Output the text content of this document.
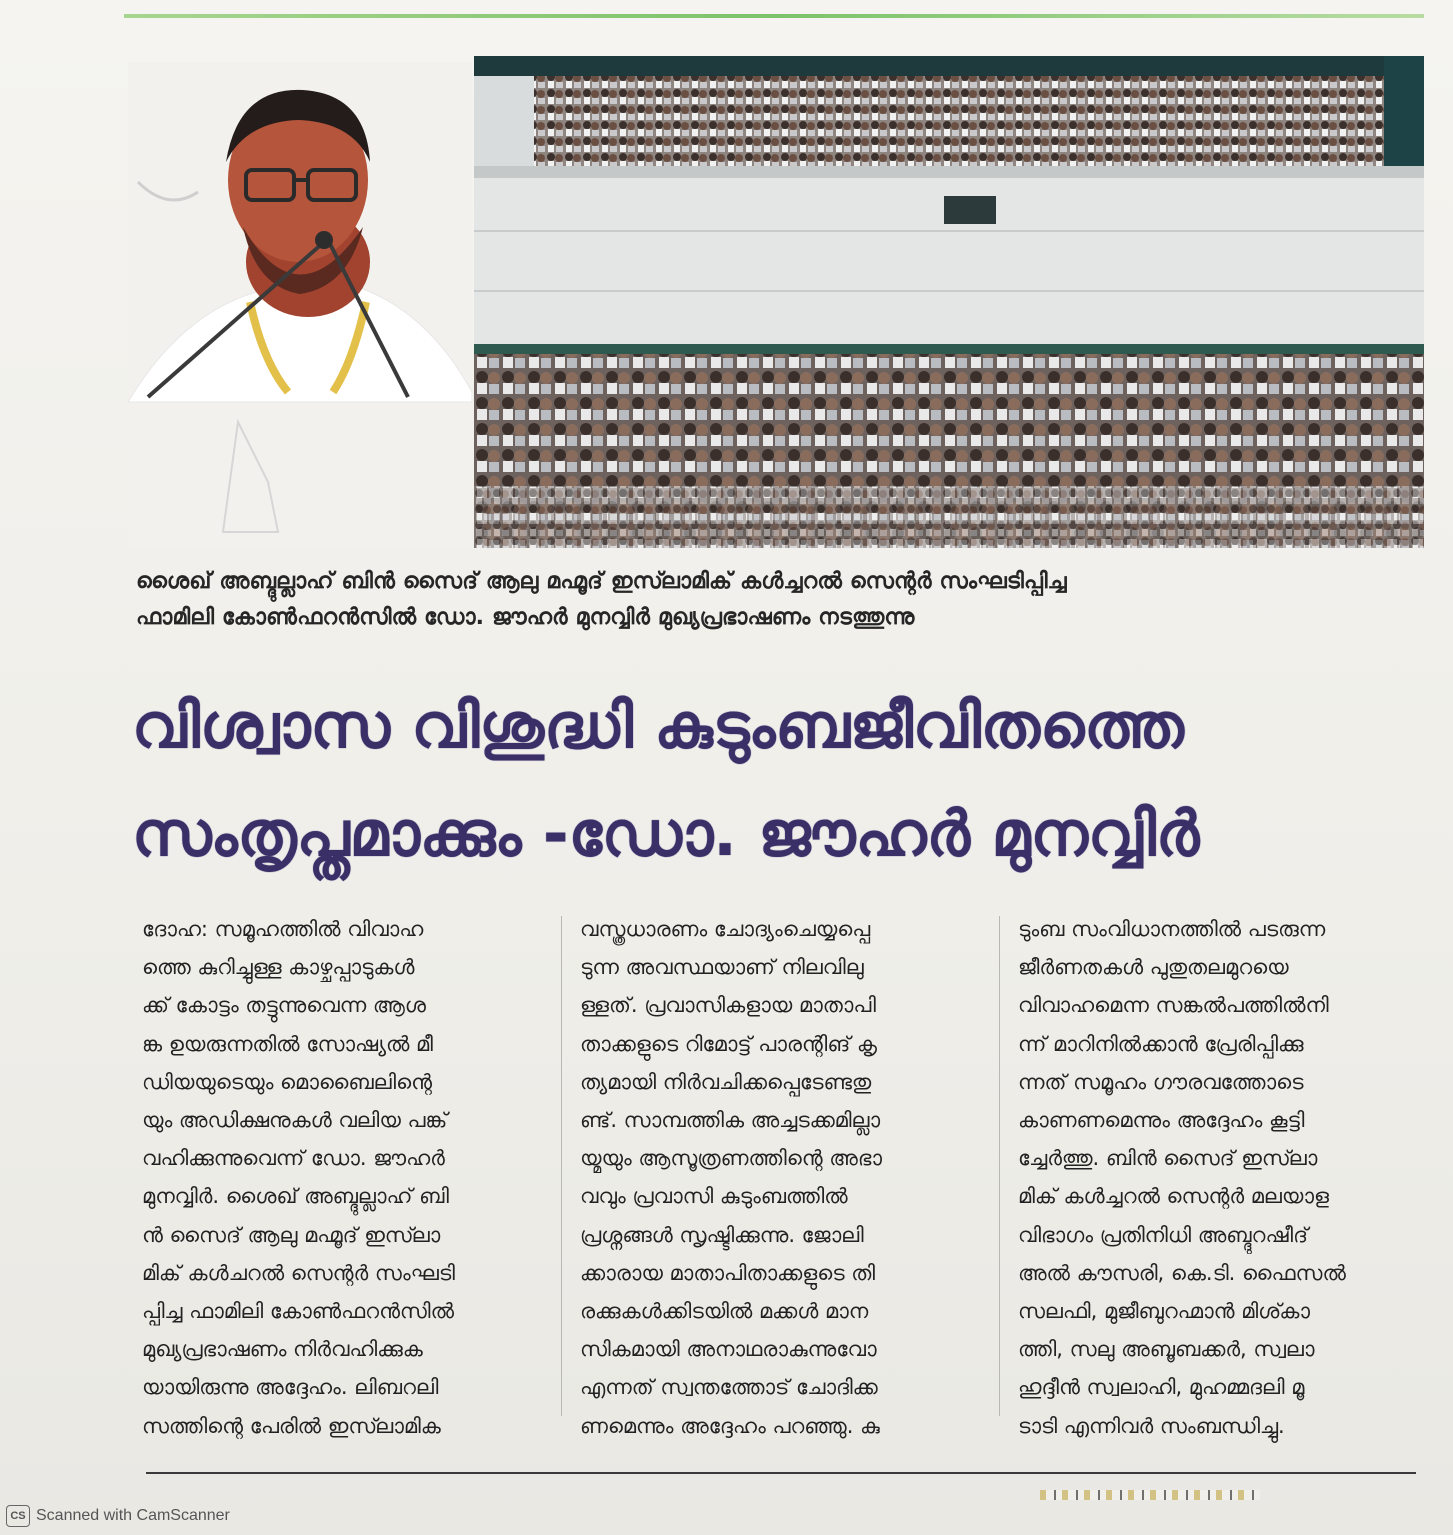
ശൈഖ് അബ്ദുല്ലാഹ് ബിൻ സൈദ് ആലു മഹ്മൂദ് ഇസ്‍ലാമിക് കൾച്ചറൽ സെന്റർ സംഘടിപ്പിച്ച
ഫാമിലി കോൺഫറൻസിൽ ഡോ. ജൗഹർ മുനവ്വിർ മുഖ്യപ്രഭാഷണം നടത്തുന്നു
വിശ്വാസ വിശുദ്ധി കുടുംബജീവിതത്തെ
സംതൃപ്തമാക്കും -ഡോ. ജൗഹർ മുനവ്വിർ
ദോഹ: സമൂഹത്തിൽ വിവാഹ
ത്തെ കുറിച്ചുള്ള കാഴ്ചപ്പാടുകൾ
ക്ക് കോട്ടം തട്ടുന്നുവെന്ന ആശ
ങ്ക ഉയരുന്നതിൽ സോഷ്യൽ മീ
ഡിയയുടെയും മൊബൈലിന്റെ
യും അഡിക്ഷനുകൾ വലിയ പങ്ക്
വഹിക്കുന്നുവെന്ന് ഡോ. ജൗഹർ
മുനവ്വിർ. ശൈഖ് അബ്ദുല്ലാഹ് ബി
ൻ സൈദ് ആലു മഹ്മൂദ് ഇസ്‍ലാ
മിക് കൾചറൽ സെന്റർ സംഘടി
പ്പിച്ച ഫാമിലി കോൺഫറൻസിൽ
മുഖ്യപ്രഭാഷണം നിർവഹിക്കുക
യായിരുന്നു അദ്ദേഹം. ലിബറലി
സത്തിന്റെ പേരിൽ ഇസ്‍ലാമിക
വസ്ത്രധാരണം ചോദ്യംചെയ്യപ്പെ
ടുന്ന അവസ്ഥയാണ് നിലവിലു
ള്ളത്. പ്രവാസികളായ മാതാപി
താക്കളുടെ റിമോട്ട് പാരന്റിങ് കൃ
ത്യമായി നിർവചിക്കപ്പെടേണ്ടതു
ണ്ട്. സാമ്പത്തിക അച്ചടക്കമില്ലാ
യ്മയും ആസൂത്രണത്തിന്റെ അഭാ
വവും പ്രവാസി കുടുംബത്തിൽ
പ്രശ്നങ്ങൾ സൃഷ്ടിക്കുന്നു. ജോലി
ക്കാരായ മാതാപിതാക്കളുടെ തി
രക്കുകൾക്കിടയിൽ മക്കൾ മാന
സികമായി അനാഥരാകുന്നുവോ
എന്നത് സ്വന്തത്തോട് ചോദിക്ക
ണമെന്നും അദ്ദേഹം പറഞ്ഞു. കു
ടുംബ സംവിധാനത്തിൽ പടരുന്ന
ജീർണതകൾ പുതുതലമുറയെ
വിവാഹമെന്ന സങ്കൽപത്തിൽനി
ന്ന് മാറിനിൽക്കാൻ പ്രേരിപ്പിക്കു
ന്നത് സമൂഹം ഗൗരവത്തോടെ
കാണണമെന്നും അദ്ദേഹം കൂട്ടി
ച്ചേർത്തു. ബിൻ സൈദ് ഇസ്‍ലാ
മിക് കൾച്ചറൽ സെന്റർ മലയാള
വിഭാഗം പ്രതിനിധി അബ്ദുറഷീദ്
അൽ കൗസരി, കെ.ടി. ഫൈസൽ
സലഫി, മുജീബുറഹ്മാൻ മിശ്കാ
ത്തി, സലു അബൂബക്കർ, സ്വലാ
ഹുദ്ദീൻ സ്വലാഹി, മുഹമ്മദലി മൂ
ടാടി എന്നിവർ സംബന്ധിച്ചു.
CS Scanned with CamScanner
